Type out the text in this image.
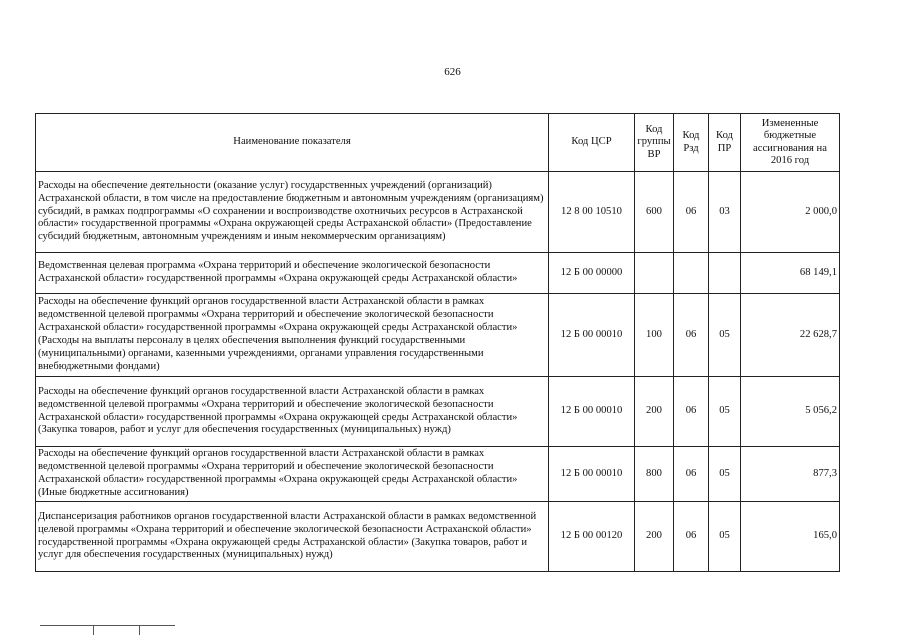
626
Наименование показателя	Код ЦСР	Код группы ВР	Код Рзд	Код ПР	Измененные бюджетные ассигнования на 2016 год
Расходы на обеспечение деятельности (оказание услуг) государственных учреждений (организаций) Астраханской области, в том числе на предоставление бюджетным и автономным учреждениям (организациям) субсидий, в рамках подпрограммы «О сохранении и воспроизводстве охотничьих ресурсов в Астраханской области» государственной программы «Охрана окружающей среды Астраханской области» (Предоставление субсидий бюджетным, автономным учреждениям и иным некоммерческим организациям)	12 8 00 10510	600	06	03	2 000,0
Ведомственная целевая программа «Охрана территорий и обеспечение экологической безопасности Астраханской области» государственной программы «Охрана окружающей среды Астраханской области»	12 Б 00 00000				68 149,1
Расходы на обеспечение функций органов государственной власти Астраханской области в рамках ведомственной целевой программы «Охрана территорий и обеспечение экологической безопасности Астраханской области» государственной программы «Охрана окружающей среды Астраханской области» (Расходы на выплаты персоналу в целях обеспечения выполнения функций государственными (муниципальными) органами, казенными учреждениями, органами управления государственными внебюджетными фондами)	12 Б 00 00010	100	06	05	22 628,7
Расходы на обеспечение функций органов государственной власти Астраханской области в рамках ведомственной целевой программы «Охрана территорий и обеспечение экологической безопасности Астраханской области» государственной программы «Охрана окружающей среды Астраханской области» (Закупка товаров, работ и услуг для обеспечения государственных (муниципальных) нужд)	12 Б 00 00010	200	06	05	5 056,2
Расходы на обеспечение функций органов государственной власти Астраханской области в рамках ведомственной целевой программы «Охрана территорий и обеспечение экологической безопасности Астраханской области» государственной программы «Охрана окружающей среды Астраханской области» (Иные бюджетные ассигнования)	12 Б 00 00010	800	06	05	877,3
Диспансеризация работников органов государственной власти Астраханской области в рамках ведомственной целевой программы «Охрана территорий и обеспечение экологической безопасности Астраханской области» государственной программы «Охрана окружающей среды Астраханской области» (Закупка товаров, работ и услуг для обеспечения государственных (муниципальных) нужд)	12 Б 00 00120	200	06	05	165,0
